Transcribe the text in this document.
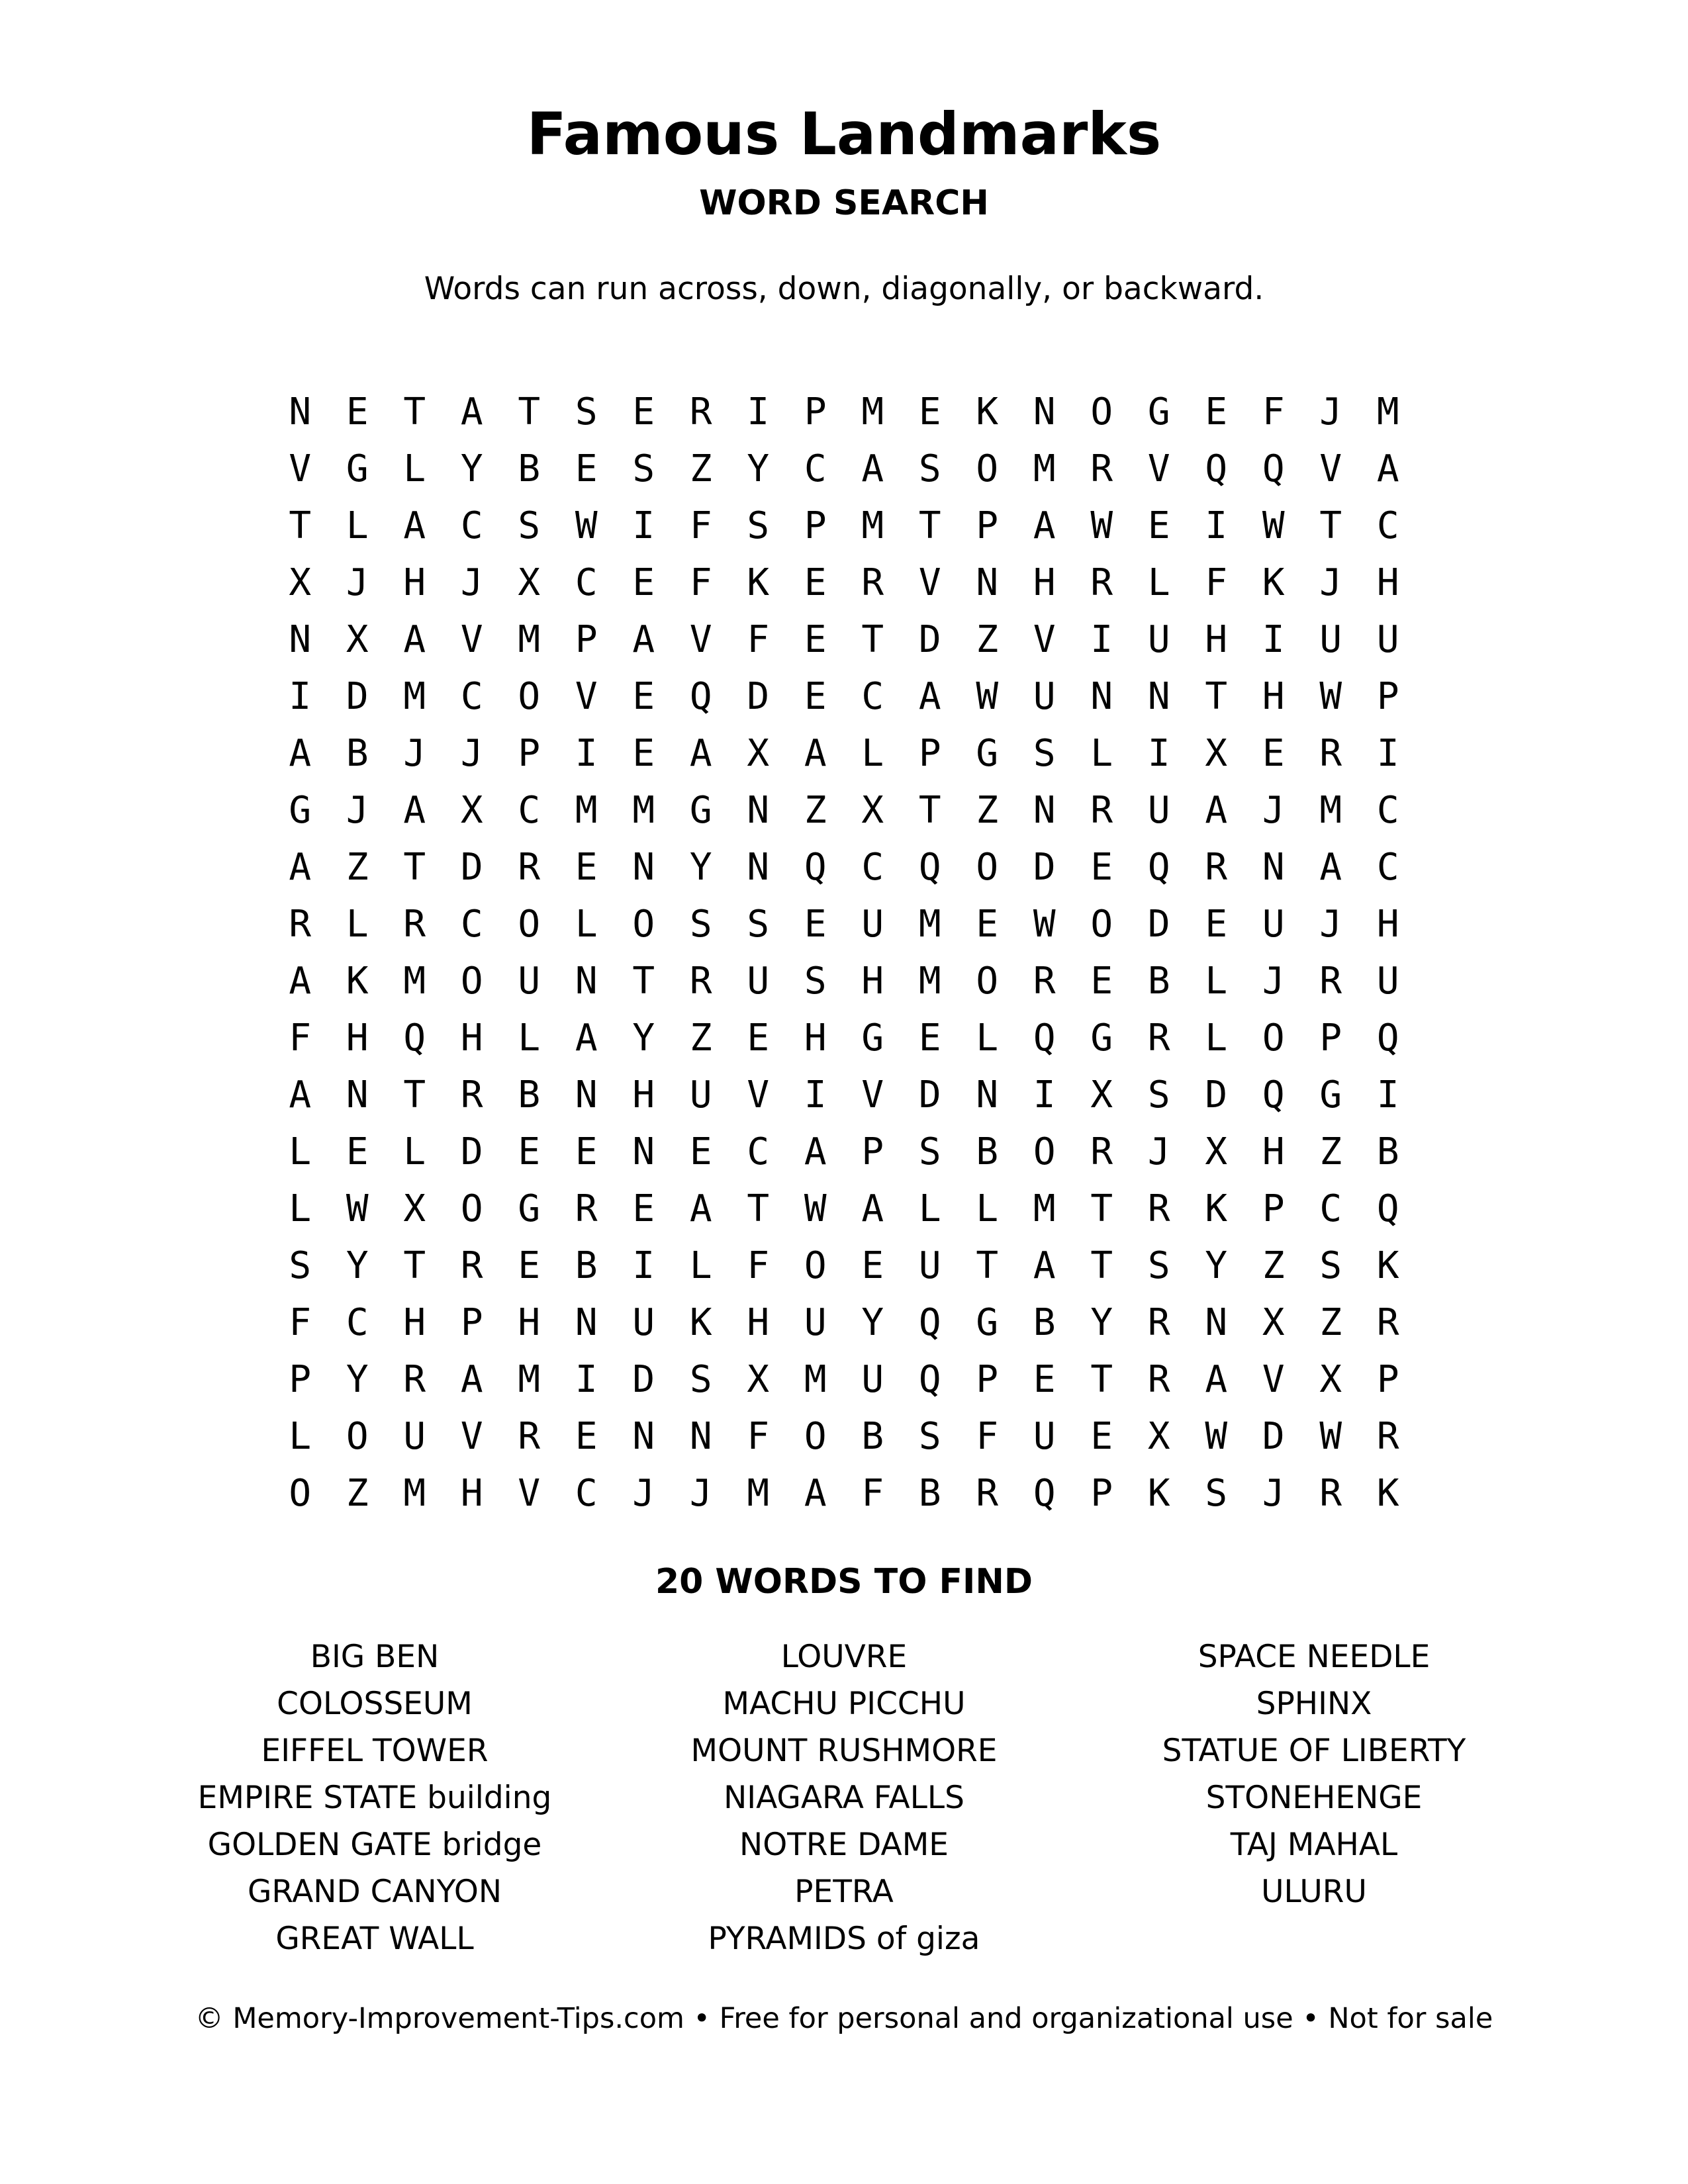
Famous Landmarks
WORD SEARCH
Words can run across, down, diagonally, or backward.
N E T A T S E R I P M E K N O G E F J M
V G L Y B E S Z Y C A S O M R V Q Q V A
T L A C S W I F S P M T P A W E I W T C
X J H J X C E F K E R V N H R L F K J H
N X A V M P A V F E T D Z V I U H I U U
I D M C O V E Q D E C A W U N N T H W P
A B J J P I E A X A L P G S L I X E R I
G J A X C M M G N Z X T Z N R U A J M C
A Z T D R E N Y N Q C Q O D E Q R N A C
R L R C O L O S S E U M E W O D E U J H
A K M O U N T R U S H M O R E B L J R U
F H Q H L A Y Z E H G E L Q G R L O P Q
A N T R B N H U V I V D N I X S D Q G I
L E L D E E N E C A P S B O R J X H Z B
L W X O G R E A T W A L L M T R K P C Q
S Y T R E B I L F O E U T A T S Y Z S K
F C H P H N U K H U Y Q G B Y R N X Z R
P Y R A M I D S X M U Q P E T R A V X P
L O U V R E N N F O B S F U E X W D W R
O Z M H V C J J M A F B R Q P K S J R K
20 WORDS TO FIND
BIG BEN
COLOSSEUM
EIFFEL TOWER
EMPIRE STATE building
GOLDEN GATE bridge
GRAND CANYON
GREAT WALL
LOUVRE
MACHU PICCHU
MOUNT RUSHMORE
NIAGARA FALLS
NOTRE DAME
PETRA
PYRAMIDS of giza
SPACE NEEDLE
SPHINX
STATUE OF LIBERTY
STONEHENGE
TAJ MAHAL
ULURU
© Memory-Improvement-Tips.com • Free for personal and organizational use • Not for sale
